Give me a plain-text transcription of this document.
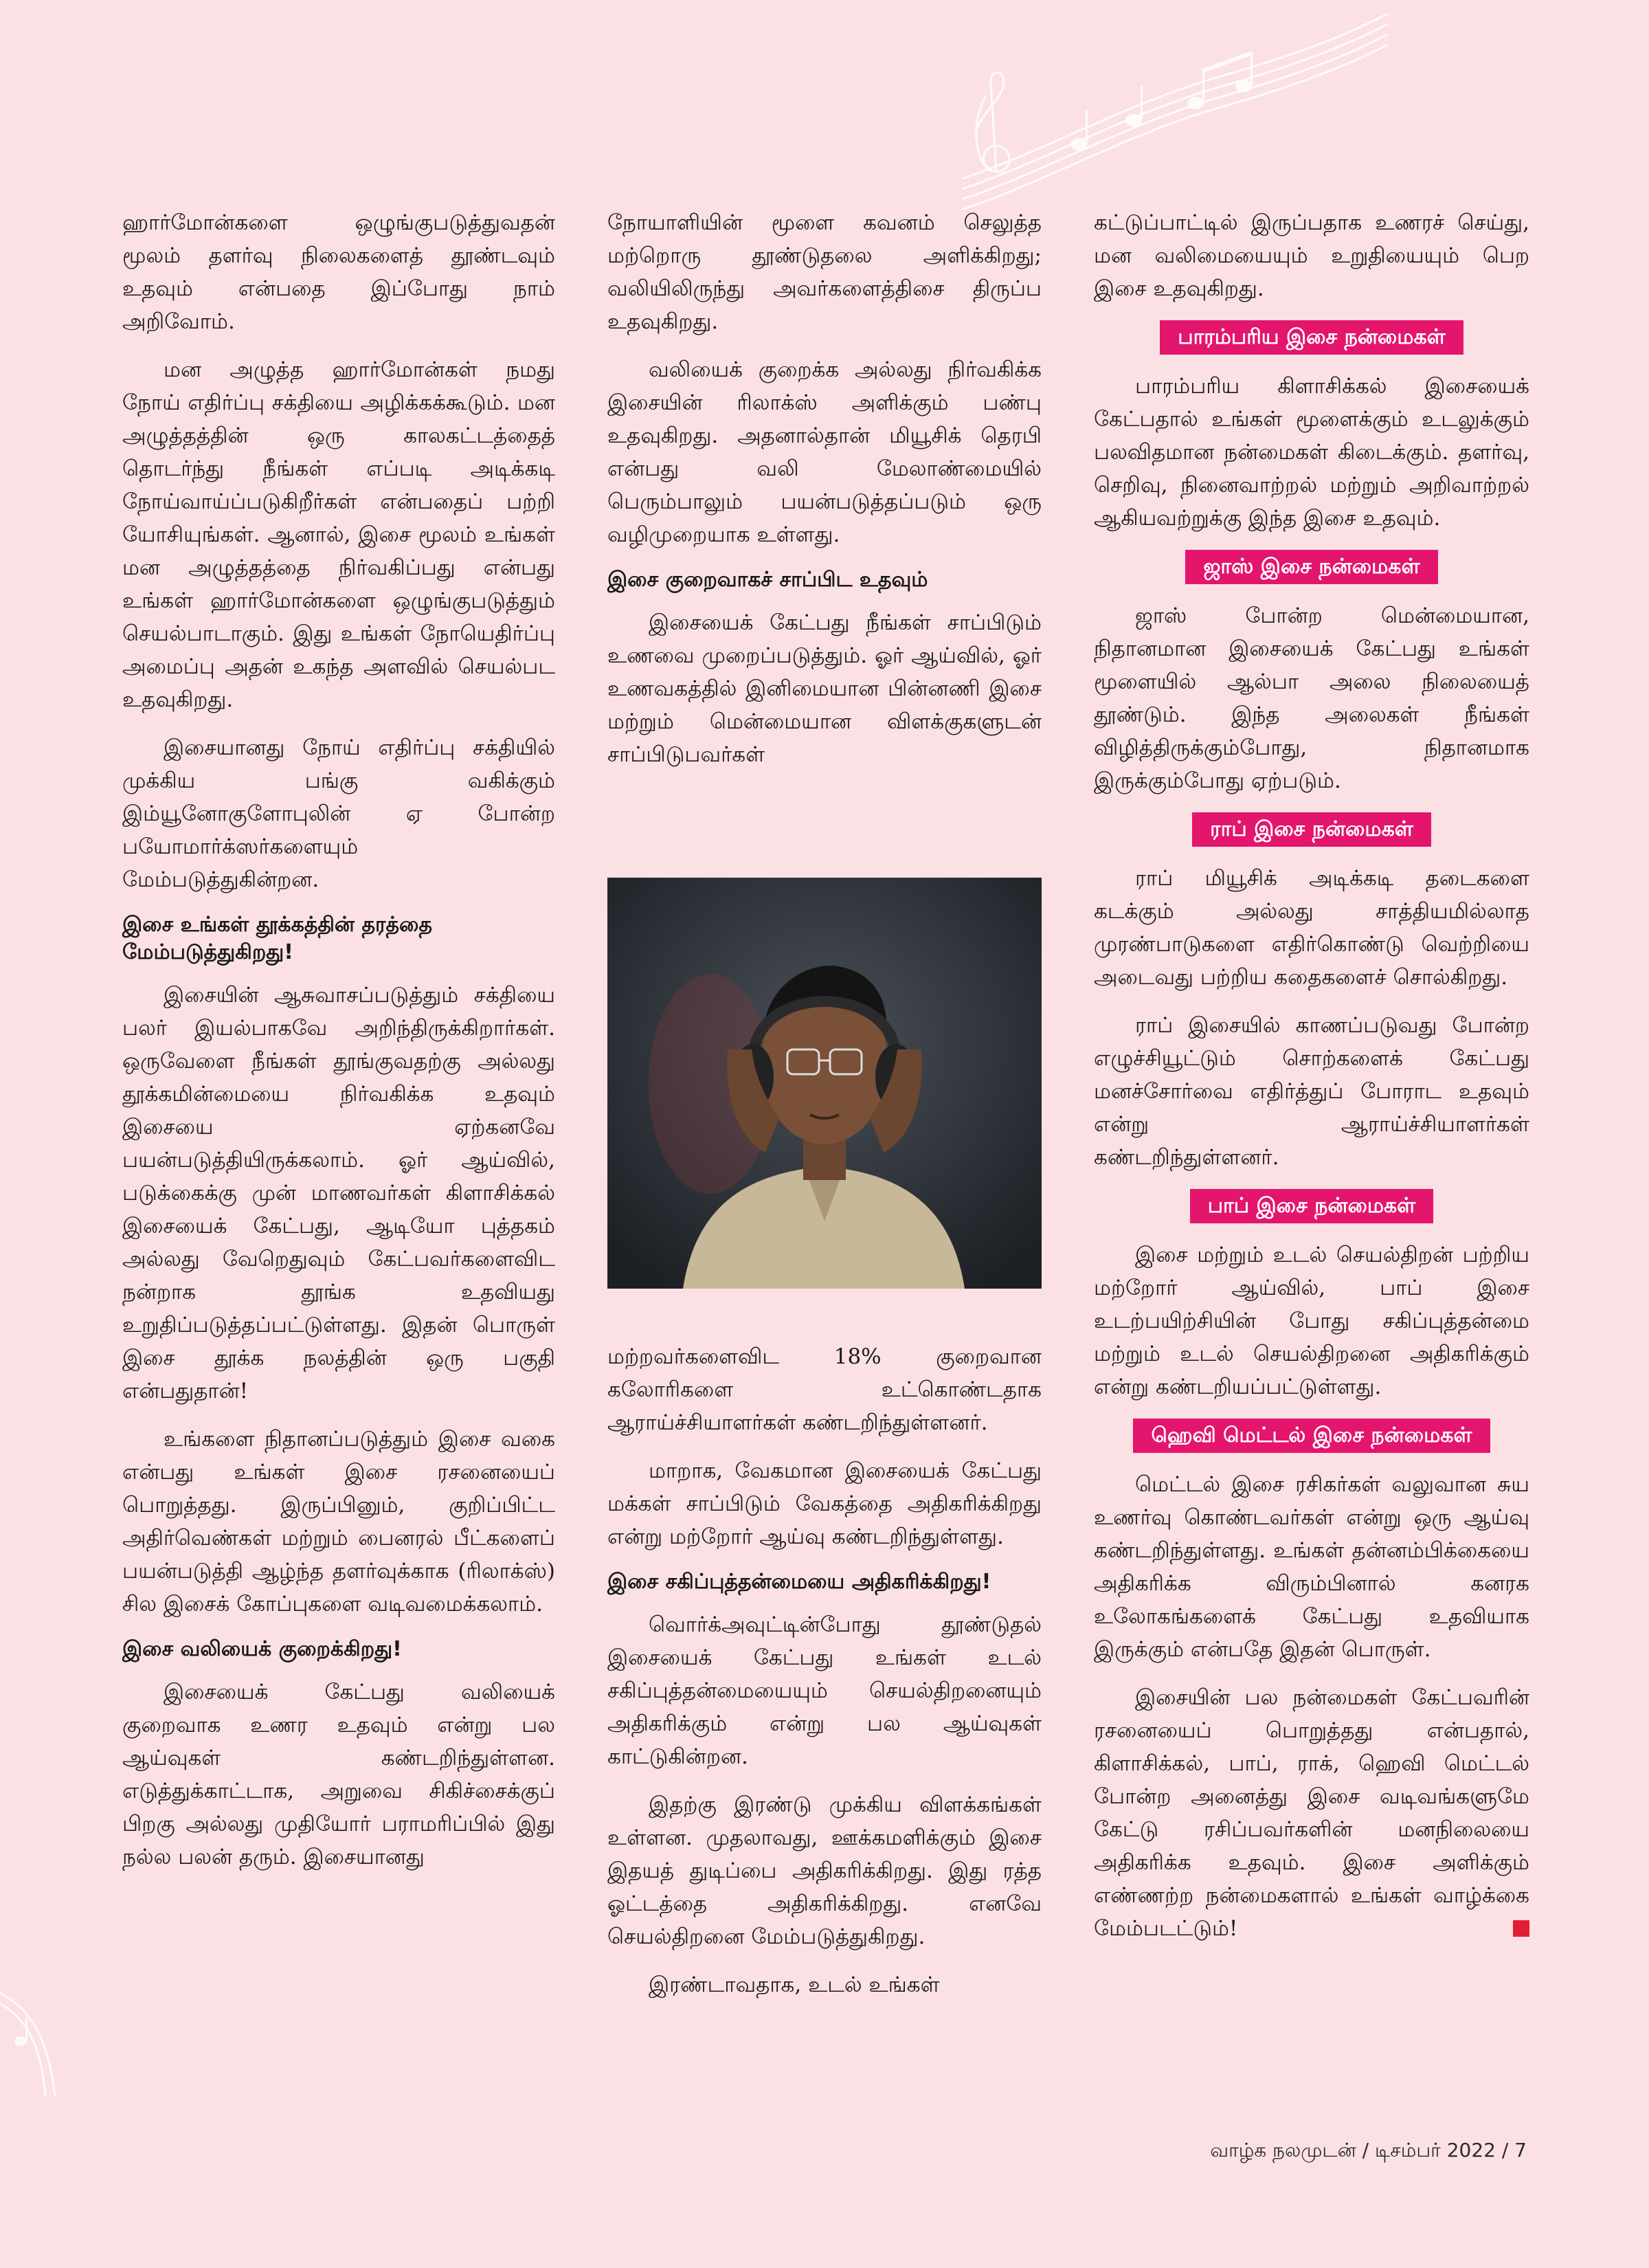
ஹார்மோன்களை ஒழுங்குபடுத்துவதன் மூலம் தளர்வு நிலைகளைத் தூண்டவும் உதவும் என்பதை இப்போது நாம் அறிவோம்.

மன அழுத்த ஹார்மோன்கள் நமது நோய் எதிர்ப்பு சக்தியை அழிக்கக்கூடும். மன அழுத்தத்தின் ஒரு காலகட்டத்தைத் தொடர்ந்து நீங்கள் எப்படி அடிக்கடி நோய்வாய்ப்படுகிறீர்கள் என்பதைப் பற்றி யோசியுங்கள். ஆனால், இசை மூலம் உங்கள் மன அழுத்தத்தை நிர்வகிப்பது என்பது உங்கள் ஹார்மோன்களை ஒழுங்குபடுத்தும் செயல்பாடாகும். இது உங்கள் நோயெதிர்ப்பு அமைப்பு அதன் உகந்த அளவில் செயல்பட உதவுகிறது.

இசையானது நோய் எதிர்ப்பு சக்தியில் முக்கிய பங்கு வகிக்கும் இம்யூனோகுளோபுலின் ஏ போன்ற பயோமார்க்ஸர்களையும் மேம்படுத்துகின்றன.

இசை உங்கள் தூக்கத்தின் தரத்தை மேம்படுத்துகிறது!

இசையின் ஆசுவாசப்படுத்தும் சக்தியை பலர் இயல்பாகவே அறிந்திருக்கிறார்கள். ஒருவேளை நீங்கள் தூங்குவதற்கு அல்லது தூக்கமின்மையை நிர்வகிக்க உதவும் இசையை ஏற்கனவே பயன்படுத்தியிருக்கலாம். ஓர் ஆய்வில், படுக்கைக்கு முன் மாணவர்கள் கிளாசிக்கல் இசையைக் கேட்பது, ஆடியோ புத்தகம் அல்லது வேறெதுவும் கேட்பவர்களைவிட நன்றாக தூங்க உதவியது உறுதிப்படுத்தப்பட்டுள்ளது. இதன் பொருள் இசை தூக்க நலத்தின் ஒரு பகுதி என்பதுதான்!

உங்களை நிதானப்படுத்தும் இசை வகை என்பது உங்கள் இசை ரசனையைப் பொறுத்தது. இருப்பினும், குறிப்பிட்ட அதிர்வெண்கள் மற்றும் பைனரல் பீட்களைப் பயன்படுத்தி ஆழ்ந்த தளர்வுக்காக (ரிலாக்ஸ்) சில இசைக் கோப்புகளை வடிவமைக்கலாம்.

இசை வலியைக் குறைக்கிறது!

இசையைக் கேட்பது வலியைக் குறைவாக உணர உதவும் என்று பல ஆய்வுகள் கண்டறிந்துள்ளன. எடுத்துக்காட்டாக, அறுவை சிகிச்சைக்குப் பிறகு அல்லது முதியோர் பராமரிப்பில் இது நல்ல பலன் தரும். இசையானது

நோயாளியின் மூளை கவனம் செலுத்த மற்றொரு தூண்டுதலை அளிக்கிறது; வலியிலிருந்து அவர்களைத்திசை திருப்ப உதவுகிறது.

வலியைக் குறைக்க அல்லது நிர்வகிக்க இசையின் ரிலாக்ஸ் அளிக்கும் பண்பு உதவுகிறது. அதனால்தான் மியூசிக் தெரபி என்பது வலி மேலாண்மையில் பெரும்பாலும் பயன்படுத்தப்படும் ஒரு வழிமுறையாக உள்ளது.

இசை குறைவாகச் சாப்பிட உதவும்

இசையைக் கேட்பது நீங்கள் சாப்பிடும் உணவை முறைப்படுத்தும். ஓர் ஆய்வில், ஓர் உணவகத்தில் இனிமையான பின்னணி இசை மற்றும் மென்மையான விளக்குகளுடன் சாப்பிடுபவர்கள்

மற்றவர்களைவிட 18% குறைவான கலோரிகளை உட்கொண்டதாக ஆராய்ச்சியாளர்கள் கண்டறிந்துள்ளனர்.

மாறாக, வேகமான இசையைக் கேட்பது மக்கள் சாப்பிடும் வேகத்தை அதிகரிக்கிறது என்று மற்றோர் ஆய்வு கண்டறிந்துள்ளது.

இசை சகிப்புத்தன்மையை அதிகரிக்கிறது!

வொர்க்அவுட்டின்போது தூண்டுதல் இசையைக் கேட்பது உங்கள் உடல் சகிப்புத்தன்மையையும் செயல்திறனையும் அதிகரிக்கும் என்று பல ஆய்வுகள் காட்டுகின்றன.

இதற்கு இரண்டு முக்கிய விளக்கங்கள் உள்ளன. முதலாவது, ஊக்கமளிக்கும் இசை இதயத் துடிப்பை அதிகரிக்கிறது. இது ரத்த ஓட்டத்தை அதிகரிக்கிறது. எனவே செயல்திறனை மேம்படுத்துகிறது.

இரண்டாவதாக, உடல் உங்கள்

கட்டுப்பாட்டில் இருப்பதாக உணரச் செய்து, மன வலிமையையும் உறுதியையும் பெற இசை உதவுகிறது.

பாரம்பரிய இசை நன்மைகள்

பாரம்பரிய கிளாசிக்கல் இசையைக் கேட்பதால் உங்கள் மூளைக்கும் உடலுக்கும் பலவிதமான நன்மைகள் கிடைக்கும். தளர்வு, செறிவு, நினைவாற்றல் மற்றும் அறிவாற்றல் ஆகியவற்றுக்கு இந்த இசை உதவும்.

ஜாஸ் இசை நன்மைகள்

ஜாஸ் போன்ற மென்மையான, நிதானமான இசையைக் கேட்பது உங்கள் மூளையில் ஆல்பா அலை நிலையைத் தூண்டும். இந்த அலைகள் நீங்கள் விழித்திருக்கும்போது, நிதானமாக இருக்கும்போது ஏற்படும்.

ராப் இசை நன்மைகள்

ராப் மியூசிக் அடிக்கடி தடைகளை கடக்கும் அல்லது சாத்தியமில்லாத முரண்பாடுகளை எதிர்கொண்டு வெற்றியை அடைவது பற்றிய கதைகளைச் சொல்கிறது.

ராப் இசையில் காணப்படுவது போன்ற எழுச்சியூட்டும் சொற்களைக் கேட்பது மனச்சோர்வை எதிர்த்துப் போராட உதவும் என்று ஆராய்ச்சியாளர்கள் கண்டறிந்துள்ளனர்.

பாப் இசை நன்மைகள்

இசை மற்றும் உடல் செயல்திறன் பற்றிய மற்றோர் ஆய்வில், பாப் இசை உடற்பயிற்சியின் போது சகிப்புத்தன்மை மற்றும் உடல் செயல்திறனை அதிகரிக்கும் என்று கண்டறியப்பட்டுள்ளது.

ஹெவி மெட்டல் இசை நன்மைகள்

மெட்டல் இசை ரசிகர்கள் வலுவான சுய உணர்வு கொண்டவர்கள் என்று ஒரு ஆய்வு கண்டறிந்துள்ளது. உங்கள் தன்னம்பிக்கையை அதிகரிக்க விரும்பினால் கனரக உலோகங்களைக் கேட்பது உதவியாக இருக்கும் என்பதே இதன் பொருள்.

இசையின் பல நன்மைகள் கேட்பவரின் ரசனையைப் பொறுத்தது என்பதால், கிளாசிக்கல், பாப், ராக், ஹெவி மெட்டல் போன்ற அனைத்து இசை வடிவங்களுமே கேட்டு ரசிப்பவர்களின் மனநிலையை அதிகரிக்க உதவும். இசை அளிக்கும் எண்ணற்ற நன்மைகளால் உங்கள் வாழ்க்கை மேம்படட்டும்!

வாழ்க நலமுடன் / டிசம்பர் 2022 / 7
